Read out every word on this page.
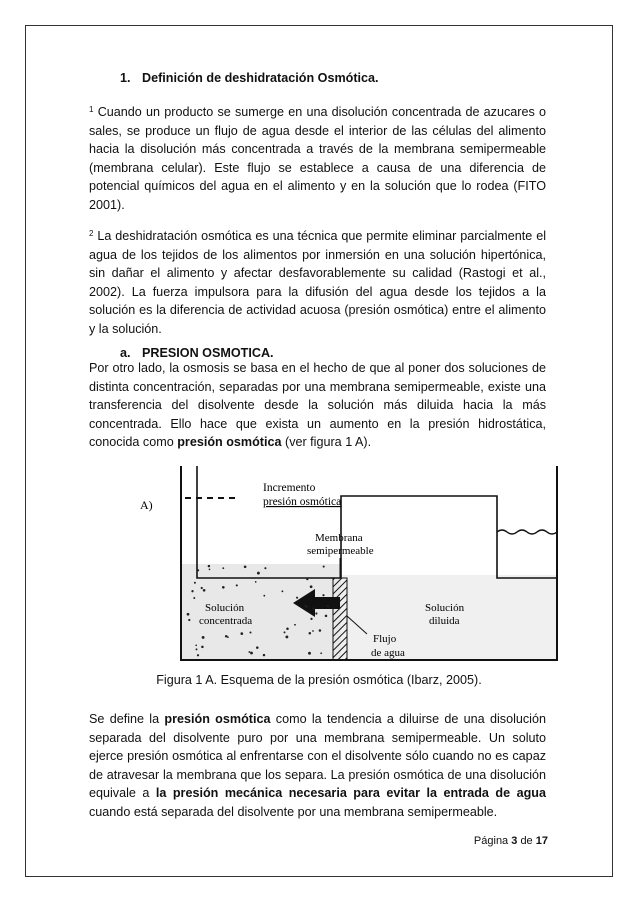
1. Definición de deshidratación Osmótica.
$^1$ Cuando un producto se sumerge en una disolución concentrada de azucares o sales, se produce un flujo de agua desde el interior de las células del alimento hacia la disolución más concentrada a través de la membrana semipermeable (membrana celular). Este flujo se establece a causa de una diferencia de potencial químicos del agua en el alimento y en la solución que lo rodea (FITO 2001).
$^2$ La deshidratación osmótica es una técnica que permite eliminar parcialmente el agua de los tejidos de los alimentos por inmersión en una solución hipertónica, sin dañar el alimento y afectar desfavorablemente su calidad (Rastogi et al., 2002). La fuerza impulsora para la difusión del agua desde los tejidos a la solución es la diferencia de actividad acuosa (presión osmótica) entre el alimento y la solución.
a. PRESION OSMOTICA.
Por otro lado, la osmosis se basa en el hecho de que al poner dos soluciones de distinta concentración, separadas por una membrana semipermeable, existe una transferencia del disolvente desde la solución más diluida hacia la más concentrada. Ello hace que exista un aumento en la presión hidrostática, conocida como presión osmótica (ver figura 1 A).
A)
Incremento
presión osmótica
Membrana
semipermeable
Solución
concentrada
Solución
diluida
Flujo
de agua
Figura 1 A. Esquema de la presión osmótica (Ibarz, 2005).
Se define la presión osmótica como la tendencia a diluirse de una disolución separada del disolvente puro por una membrana semipermeable. Un soluto ejerce presión osmótica al enfrentarse con el disolvente sólo cuando no es capaz de atravesar la membrana que los separa. La presión osmótica de una disolución equivale a la presión mecánica necesaria para evitar la entrada de agua cuando está separada del disolvente por una membrana semipermeable.
Página 3 de 17
